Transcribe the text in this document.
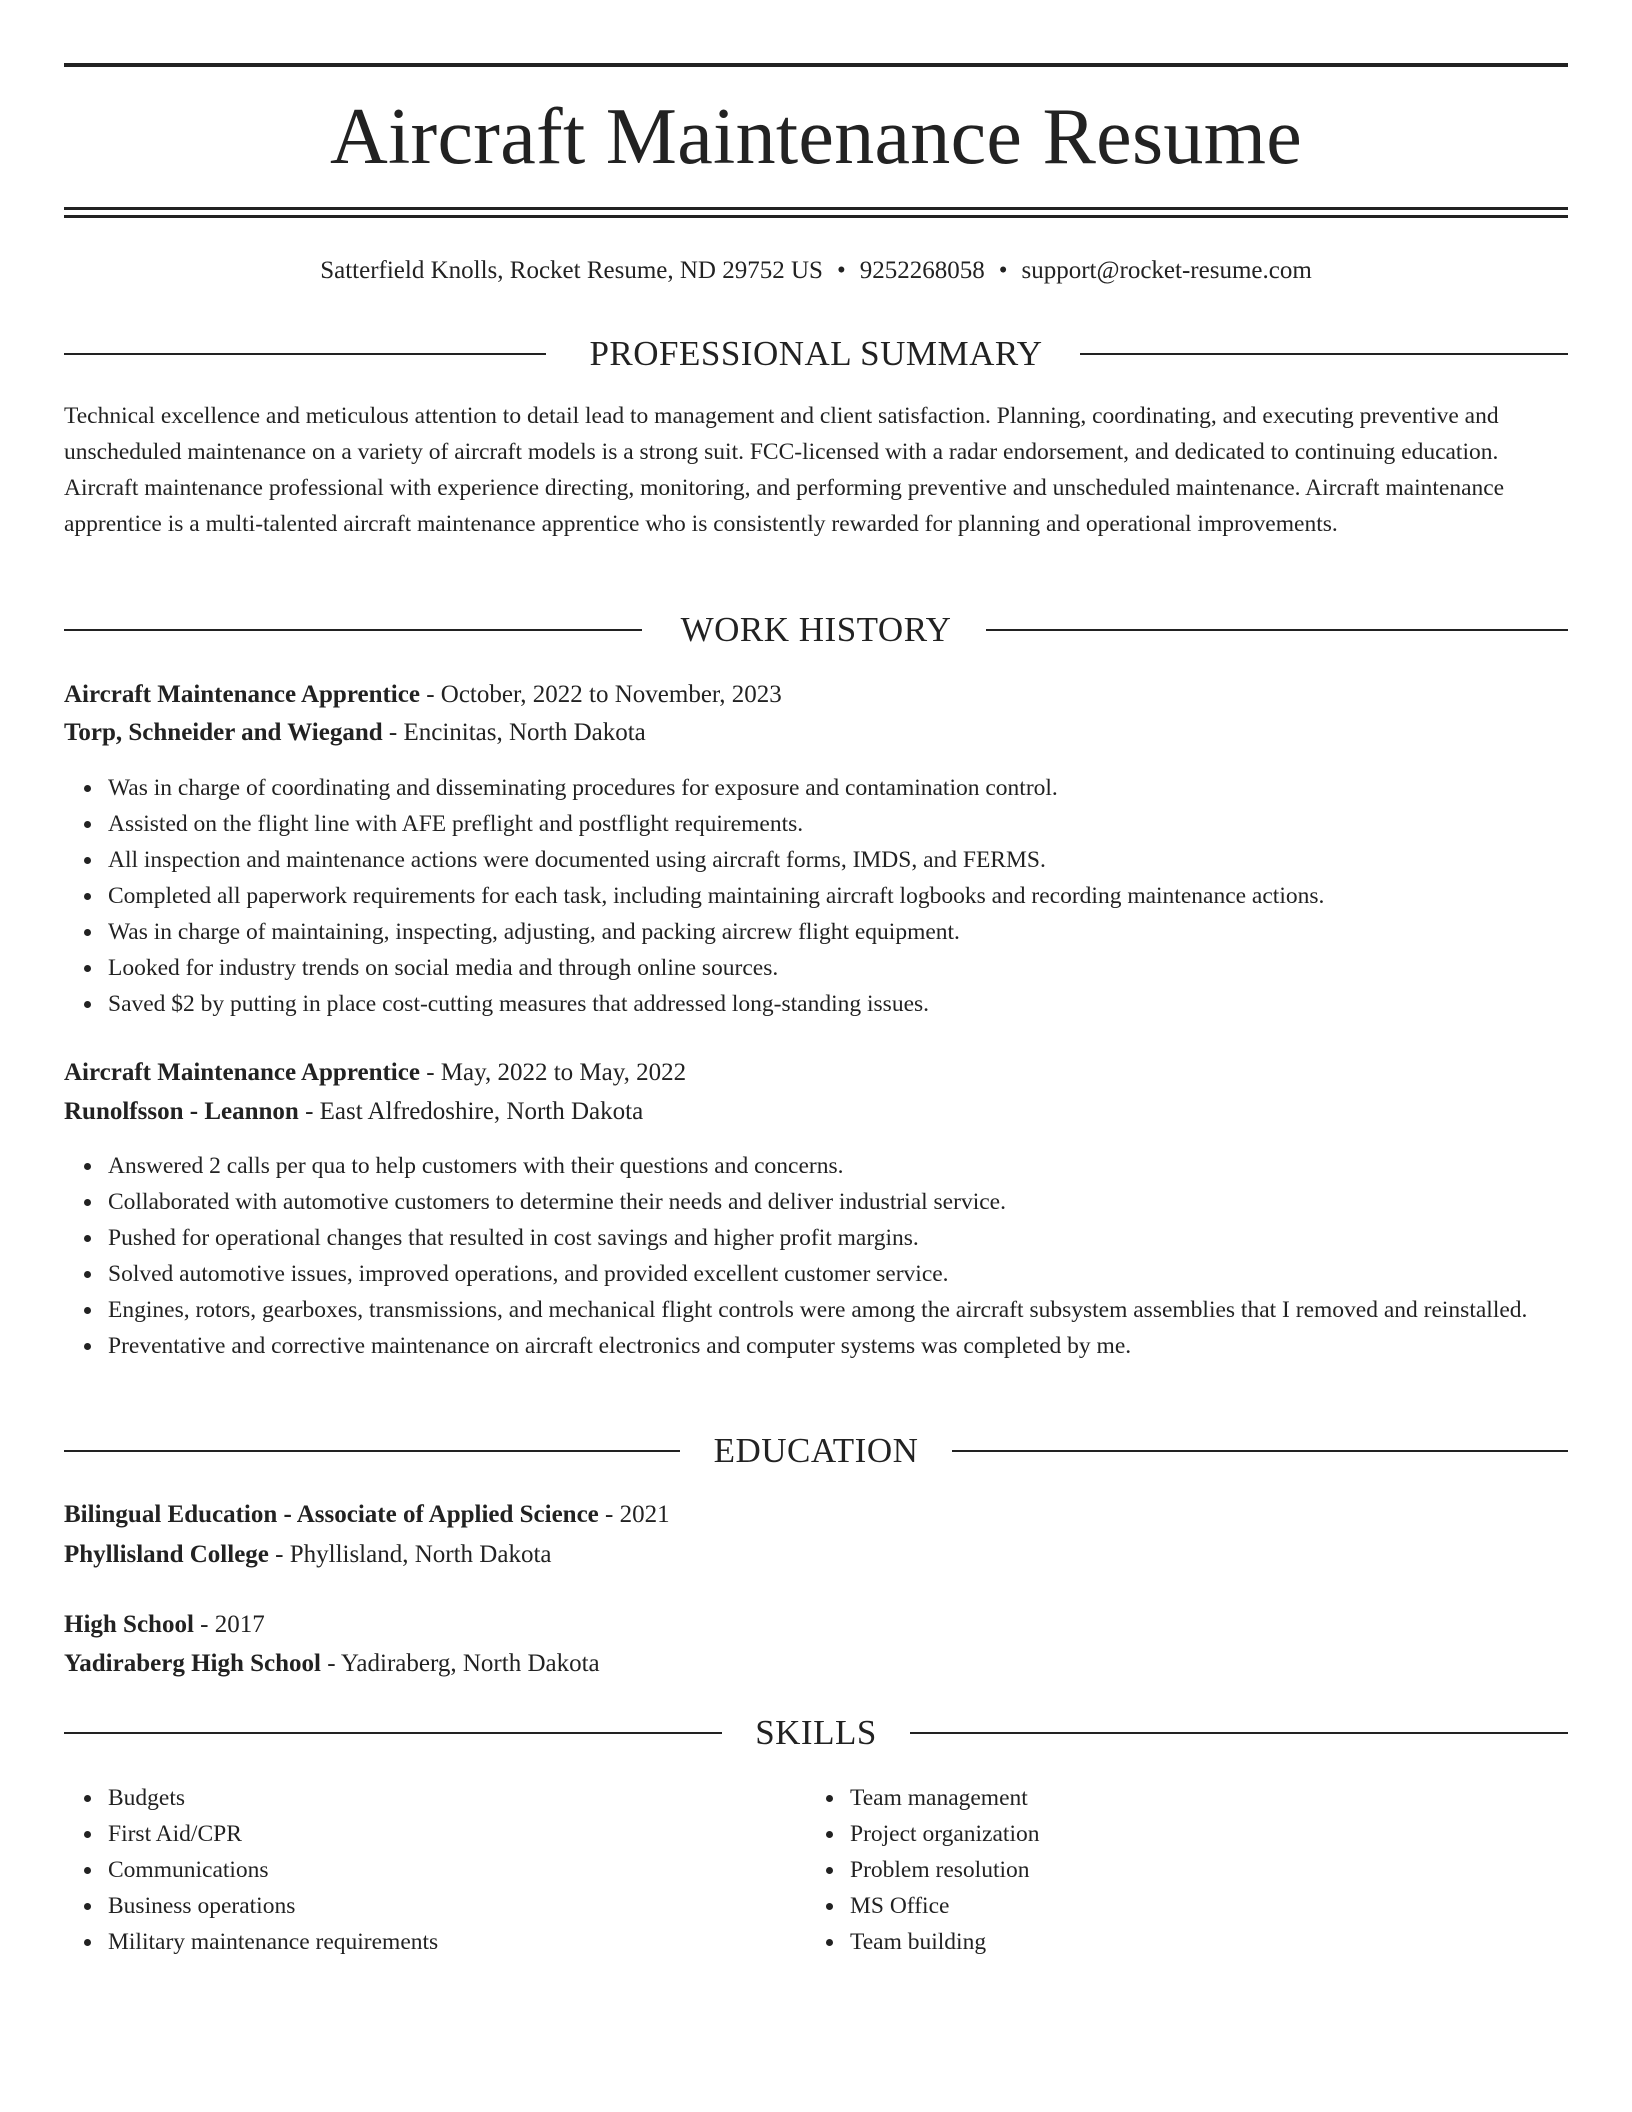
Aircraft Maintenance Resume
Satterfield Knolls, Rocket Resume, ND 29752 US • 9252268058 • support@rocket-resume.com
PROFESSIONAL SUMMARY
Technical excellence and meticulous attention to detail lead to management and client satisfaction. Planning, coordinating, and executing preventive and unscheduled maintenance on a variety of aircraft models is a strong suit. FCC-licensed with a radar endorsement, and dedicated to continuing education. Aircraft maintenance professional with experience directing, monitoring, and performing preventive and unscheduled maintenance. Aircraft maintenance apprentice is a multi-talented aircraft maintenance apprentice who is consistently rewarded for planning and operational improvements.
WORK HISTORY
Aircraft Maintenance Apprentice - October, 2022 to November, 2023
Torp, Schneider and Wiegand - Encinitas, North Dakota
Was in charge of coordinating and disseminating procedures for exposure and contamination control.
Assisted on the flight line with AFE preflight and postflight requirements.
All inspection and maintenance actions were documented using aircraft forms, IMDS, and FERMS.
Completed all paperwork requirements for each task, including maintaining aircraft logbooks and recording maintenance actions.
Was in charge of maintaining, inspecting, adjusting, and packing aircrew flight equipment.
Looked for industry trends on social media and through online sources.
Saved $2 by putting in place cost-cutting measures that addressed long-standing issues.
Aircraft Maintenance Apprentice - May, 2022 to May, 2022
Runolfsson - Leannon - East Alfredoshire, North Dakota
Answered 2 calls per qua to help customers with their questions and concerns.
Collaborated with automotive customers to determine their needs and deliver industrial service.
Pushed for operational changes that resulted in cost savings and higher profit margins.
Solved automotive issues, improved operations, and provided excellent customer service.
Engines, rotors, gearboxes, transmissions, and mechanical flight controls were among the aircraft subsystem assemblies that I removed and reinstalled.
Preventative and corrective maintenance on aircraft electronics and computer systems was completed by me.
EDUCATION
Bilingual Education - Associate of Applied Science - 2021
Phyllisland College - Phyllisland, North Dakota
High School - 2017
Yadiraberg High School - Yadiraberg, North Dakota
SKILLS
Budgets
First Aid/CPR
Communications
Business operations
Military maintenance requirements
Team management
Project organization
Problem resolution
MS Office
Team building
